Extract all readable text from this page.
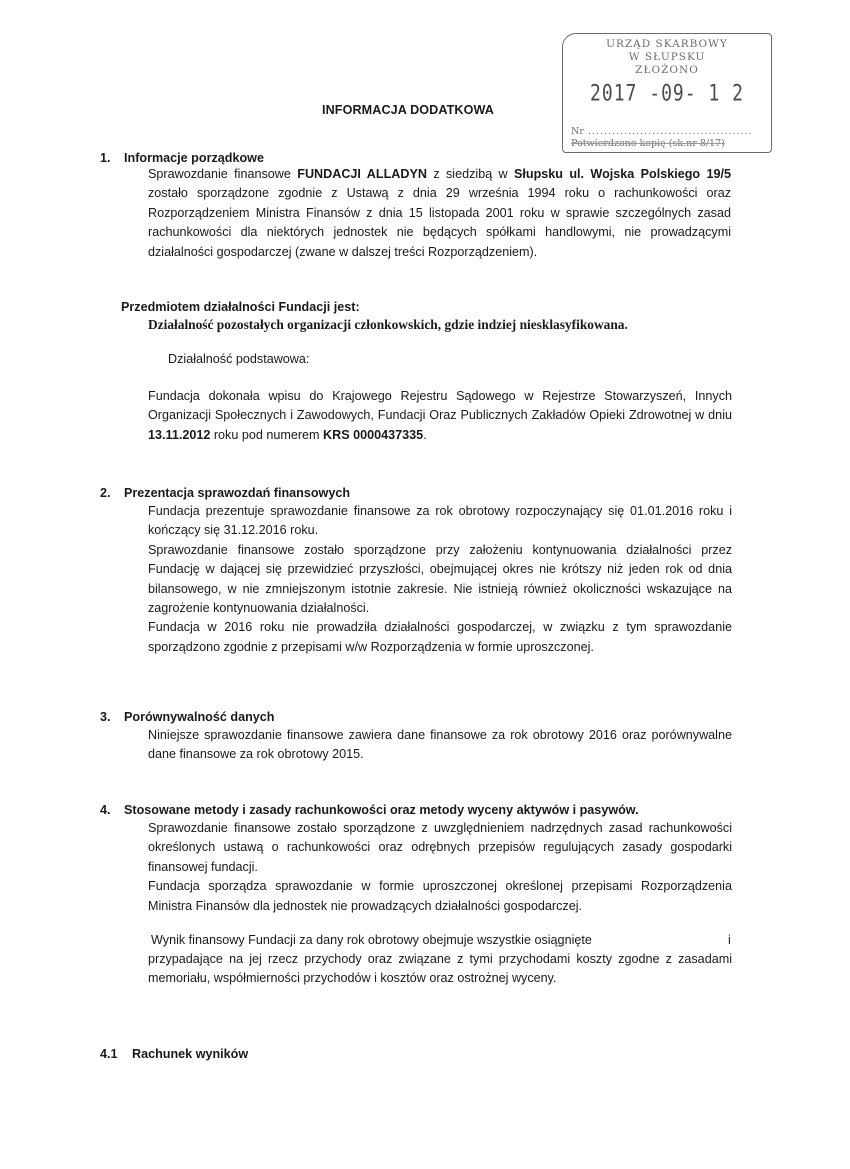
URZĄD SKARBOWY
W SŁUPSKU
ZŁOŻONO
2017 -09- 1 2
Nr .........................................
Potwierdzono kopię (sk.nr 8/17)
INFORMACJA DODATKOWA
1. Informacje porządkowe

Sprawozdanie finansowe FUNDACJI ALLADYN z siedzibą w Słupsku ul. Wojska Polskiego 19/5 zostało sporządzone zgodnie z Ustawą z dnia 29 września 1994 roku o rachunkowości oraz Rozporządzeniem Ministra Finansów z dnia 15 listopada 2001 roku w sprawie szczególnych zasad rachunkowości dla niektórych jednostek nie będących spółkami handlowymi, nie prowadzącymi działalności gospodarczej (zwane w dalszej treści Rozporządzeniem).

Przedmiotem działalności Fundacji jest:
Działalność pozostałych organizacji członkowskich, gdzie indziej niesklasyfikowana.
Działalność podstawowa:

Fundacja dokonała wpisu do Krajowego Rejestru Sądowego w Rejestrze Stowarzyszeń, Innych Organizacji Społecznych i Zawodowych, Fundacji Oraz Publicznych Zakładów Opieki Zdrowotnej w dniu 13.11.2012 roku pod numerem KRS 0000437335.

2. Prezentacja sprawozdań finansowych

Fundacja prezentuje sprawozdanie finansowe za rok obrotowy rozpoczynający się 01.01.2016 roku i kończący się 31.12.2016 roku.

Sprawozdanie finansowe zostało sporządzone przy założeniu kontynuowania działalności przez Fundację w dającej się przewidzieć przyszłości, obejmującej okres nie krótszy niż jeden rok od dnia bilansowego, w nie zmniejszonym istotnie zakresie. Nie istnieją również okoliczności wskazujące na zagrożenie kontynuowania działalności.

Fundacja w 2016 roku nie prowadziła działalności gospodarczej, w związku z tym sprawozdanie sporządzono zgodnie z przepisami w/w Rozporządzenia w formie uproszczonej.

3. Porównywalność danych

Niniejsze sprawozdanie finansowe zawiera dane finansowe za rok obrotowy 2016 oraz porównywalne dane finansowe za rok obrotowy 2015.

4. Stosowane metody i zasady rachunkowości oraz metody wyceny aktywów i pasywów.

Sprawozdanie finansowe zostało sporządzone z uwzględnieniem nadrzędnych zasad rachunkowości określonych ustawą o rachunkowości oraz odrębnych przepisów regulujących zasady gospodarki finansowej fundacji.

Fundacja sporządza sprawozdanie w formie uproszczonej określonej przepisami Rozporządzenia Ministra Finansów dla jednostek nie prowadzących działalności gospodarczej.

Wynik finansowy Fundacji za dany rok obrotowy obejmuje wszystkie osiągnięte	i

przypadające na jej rzecz przychody oraz związane z tymi przychodami koszty zgodne z zasadami memoriału, współmierności przychodów i kosztów oraz ostrożnej wyceny.

4.1 Rachunek wyników
